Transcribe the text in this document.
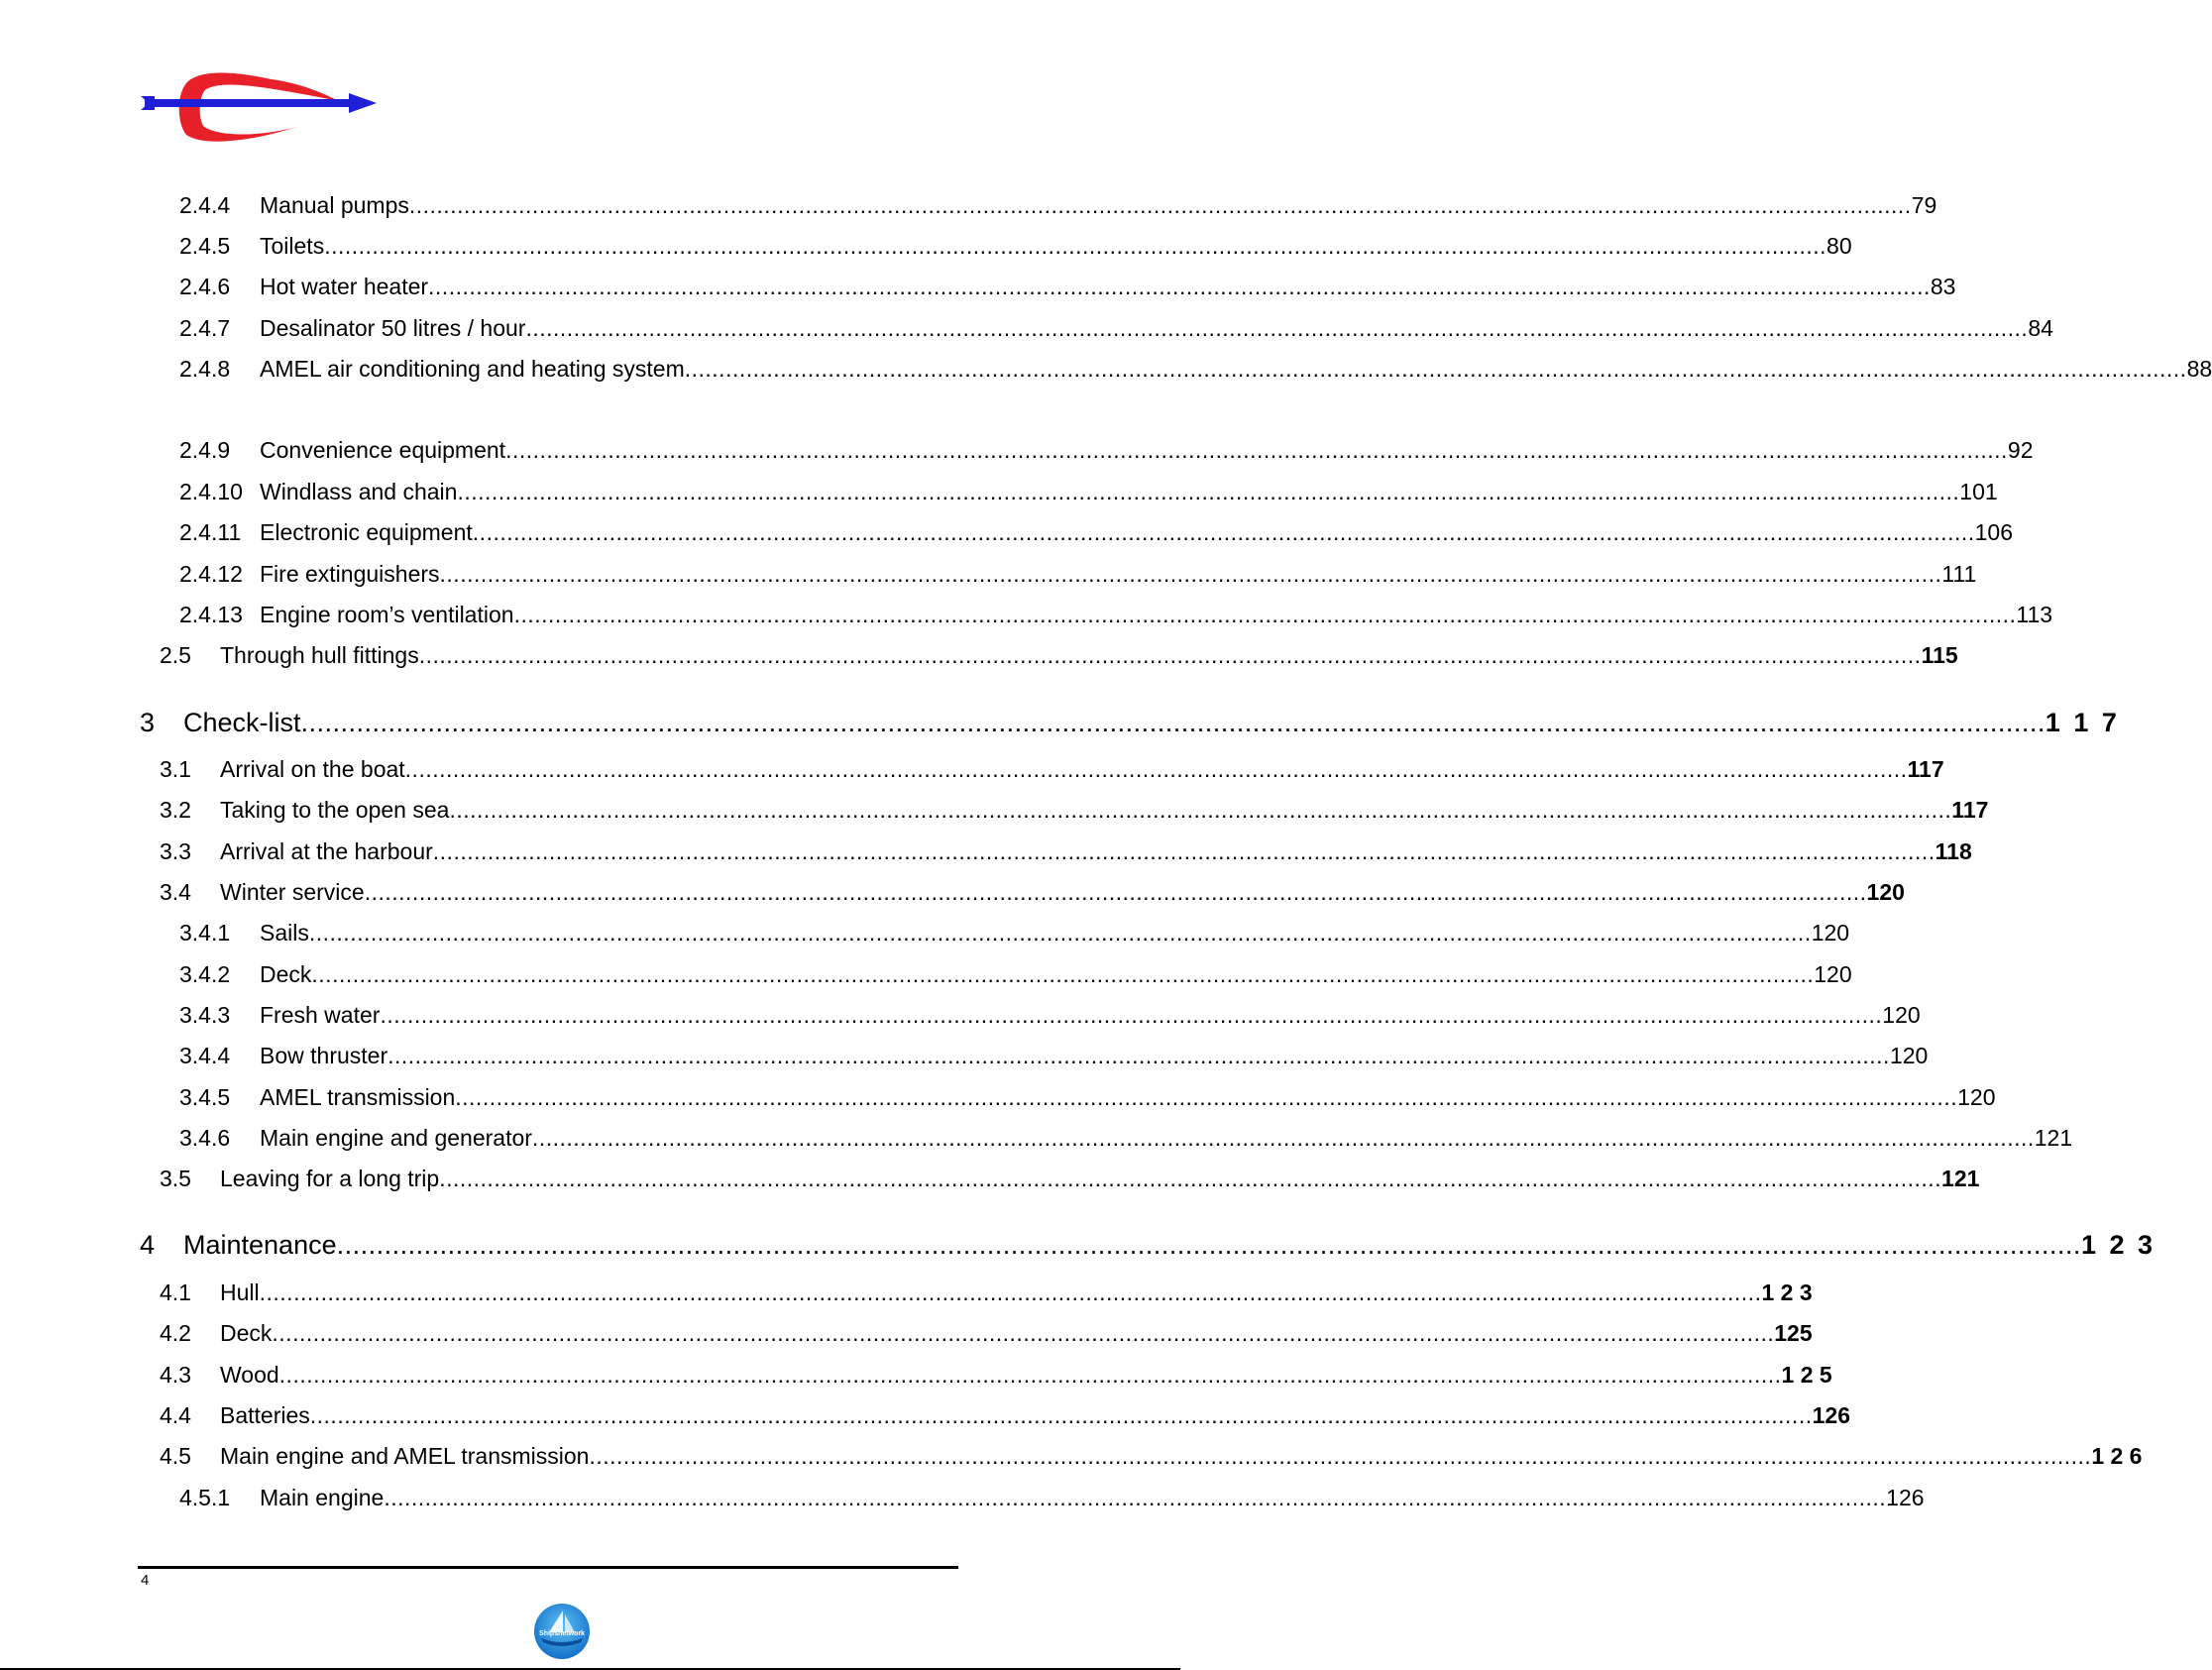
2.4.4	Manual pumps ............................................................................................................................................................................................................................ 79
2.4.5	Toilets ............................................................................................................................................................................................................................ 80
2.4.6	Hot water heater ............................................................................................................................................................................................................................ 83
2.4.7	Desalinator 50 litres / hour ............................................................................................................................................................................................................................ 84
2.4.8	AMEL air conditioning and heating system ............................................................................................................................................................................................................................ 88
2.4.9	Convenience equipment ............................................................................................................................................................................................................................ 92
2.4.10 Windlass and chain ............................................................................................................................................................................................................................ 101
2.4.11 Electronic equipment ............................................................................................................................................................................................................................ 106
2.4.12 Fire extinguishers ............................................................................................................................................................................................................................ 111
2.4.13 Engine room’s ventilation ............................................................................................................................................................................................................................ 113
2.5	Through hull fittings ............................................................................................................................................................................................................................ 115
3	Check-list ............................................................................................................................................................................................................................ 1 1 7
3.1	Arrival on the boat ............................................................................................................................................................................................................................ 117
3.2	Taking to the open sea ............................................................................................................................................................................................................................ 117
3.3	Arrival at the harbour ............................................................................................................................................................................................................................ 118
3.4	Winter service ............................................................................................................................................................................................................................ 120
3.4.1	Sails ............................................................................................................................................................................................................................ 120
3.4.2	Deck ............................................................................................................................................................................................................................ 120
3.4.3	Fresh water ............................................................................................................................................................................................................................ 120
3.4.4	Bow thruster ............................................................................................................................................................................................................................ 120
3.4.5	AMEL transmission ............................................................................................................................................................................................................................ 120
3.4.6	Main engine and generator ............................................................................................................................................................................................................................ 121
3.5	Leaving for a long trip ............................................................................................................................................................................................................................ 121
4	Maintenance ............................................................................................................................................................................................................................ 1 2 3
4.1	Hull ............................................................................................................................................................................................................................ 1 2 3
4.2	Deck ............................................................................................................................................................................................................................ 125
4.3	Wood ............................................................................................................................................................................................................................ 1 2 5
4.4	Batteries ............................................................................................................................................................................................................................ 126
4.5	Main engine and AMEL transmission ............................................................................................................................................................................................................................ 1 2 6
4.5.1	Main engine ............................................................................................................................................................................................................................ 126
4
Shipsnetwork
